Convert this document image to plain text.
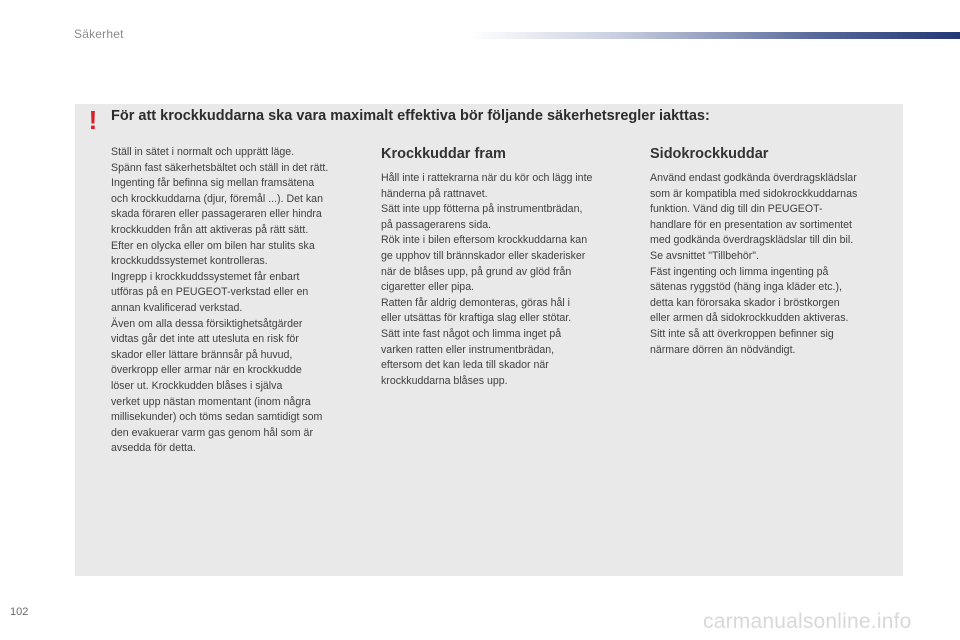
Säkerhet
! För att krockkuddarna ska vara maximalt effektiva bör följande säkerhetsregler iakttas:

Ställ in sätet i normalt och upprätt läge.

Spänn fast säkerhetsbältet och ställ in det rätt.

Ingenting får befinna sig mellan framsätena

och krockkuddarna (djur, föremål ...). Det kan

skada föraren eller passageraren eller hindra

krockkudden från att aktiveras på rätt sätt.

Efter en olycka eller om bilen har stulits ska

krockkuddssystemet kontrolleras.

Ingrepp i krockkuddssystemet får enbart

utföras på en PEUGEOT-verkstad eller en

annan kvalificerad verkstad.

Även om alla dessa försiktighetsåtgärder

vidtas går det inte att utesluta en risk för

skador eller lättare brännsår på huvud,

överkropp eller armar när en krockkudde

löser ut. Krockkudden blåses i själva

verket upp nästan momentant (inom några

millisekunder) och töms sedan samtidigt som

den evakuerar varm gas genom hål som är

avsedda för detta.

Krockkuddar fram

Håll inte i rattekrarna när du kör och lägg inte

händerna på rattnavet.

Sätt inte upp fötterna på instrumentbrädan,

på passagerarens sida.

Rök inte i bilen eftersom krockkuddarna kan

ge upphov till brännskador eller skaderisker

när de blåses upp, på grund av glöd från

cigaretter eller pipa.

Ratten får aldrig demonteras, göras hål i

eller utsättas för kraftiga slag eller stötar.

Sätt inte fast något och limma inget på

varken ratten eller instrumentbrädan,

eftersom det kan leda till skador när

krockkuddarna blåses upp.

Sidokrockkuddar

Använd endast godkända överdragsklädslar

som är kompatibla med sidokrockkuddarnas

funktion. Vänd dig till din PEUGEOT-

handlare för en presentation av sortimentet

med godkända överdragsklädslar till din bil.

Se avsnittet "Tillbehör".

Fäst ingenting och limma ingenting på

sätenas ryggstöd (häng inga kläder etc.),

detta kan förorsaka skador i bröstkorgen

eller armen då sidokrockkudden aktiveras.

Sitt inte så att överkroppen befinner sig

närmare dörren än nödvändigt.

102	carmanualsonline.info
